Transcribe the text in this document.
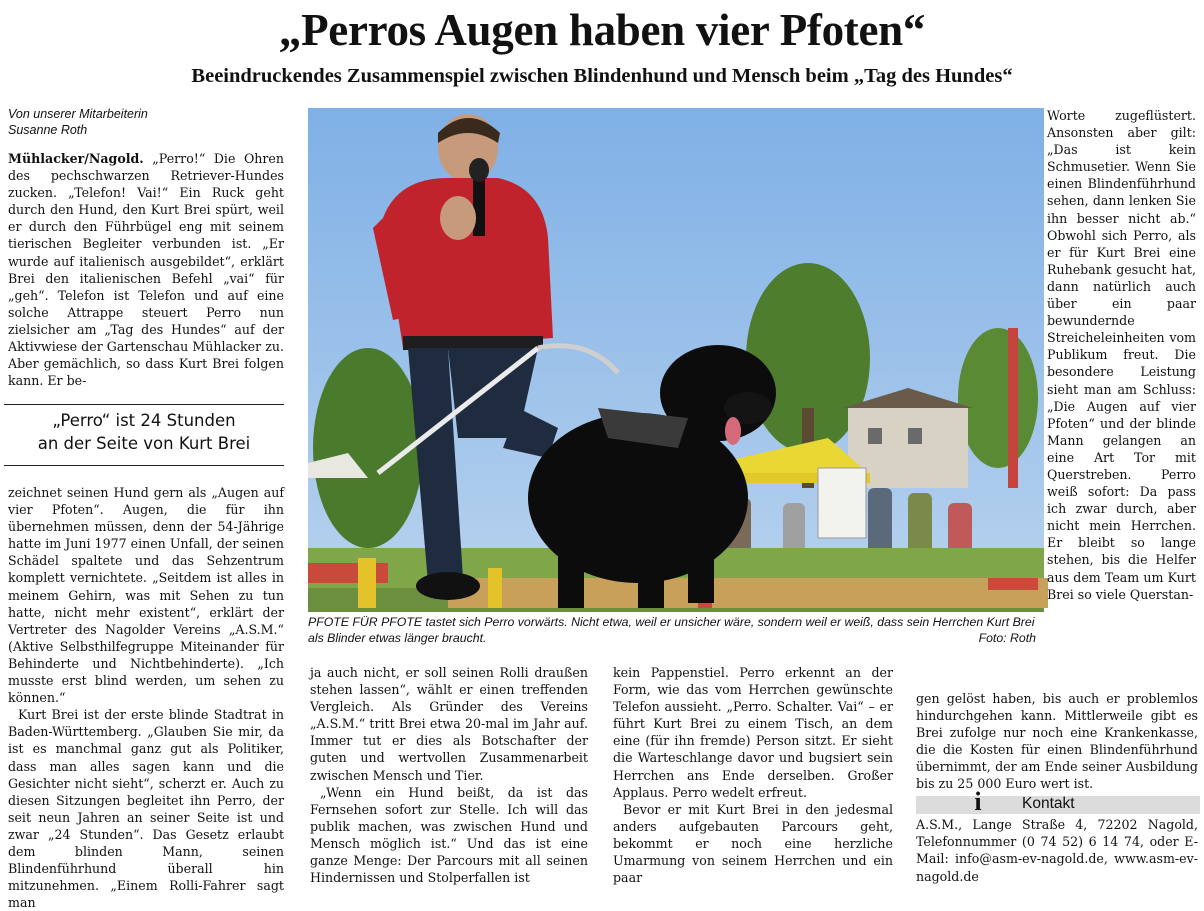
„Perros Augen haben vier Pfoten“
Beeindruckendes Zusammenspiel zwischen Blindenhund und Mensch beim „Tag des Hundes“
Von unserer Mitarbeiterin
Susanne Roth

Mühlacker/Nagold. „Perro!“ Die Ohren des pechschwarzen Retriever-Hundes zucken. „Telefon! Vai!“ Ein Ruck geht durch den Hund, den Kurt Brei spürt, weil er durch den Führbügel eng mit seinem tierischen Begleiter verbunden ist. „Er wurde auf italienisch ausgebildet“, erklärt Brei den italienischen Befehl „vai“ für „geh“. Telefon ist Telefon und auf eine solche Attrappe steuert Perro nun zielsicher am „Tag des Hundes“ auf der Aktivwiese der Gartenschau Mühlacker zu. Aber gemächlich, so dass Kurt Brei folgen kann. Er be-

„Perro“ ist 24 Stunden
an der Seite von Kurt Brei

zeichnet seinen Hund gern als „Augen auf vier Pfoten“. Augen, die für ihn übernehmen müssen, denn der 54-Jährige hatte im Juni 1977 einen Unfall, der seinen Schädel spaltete und das Sehzentrum komplett vernichtete. „Seitdem ist alles in meinem Gehirn, was mit Sehen zu tun hatte, nicht mehr existent“, erklärt der Vertreter des Nagolder Vereins „A.S.M.“ (Aktive Selbsthilfegruppe Miteinander für Behinderte und Nichtbehinderte). „Ich musste erst blind werden, um sehen zu können.“

Kurt Brei ist der erste blinde Stadtrat in Baden-Württemberg. „Glauben Sie mir, da ist es manchmal ganz gut als Politiker, dass man alles sagen kann und die Gesichter nicht sieht“, scherzt er. Auch zu diesen Sitzungen begleitet ihn Perro, der seit neun Jahren an seiner Seite ist und zwar „24 Stunden“. Das Gesetz erlaubt dem blinden Mann, seinen Blindenführhund überall hin mitzunehmen. „Einem Rolli-Fahrer sagt man

PFOTE FÜR PFOTE tastet sich Perro vorwärts. Nicht etwa, weil er unsicher wäre, sondern weil er weiß, dass sein Herrchen Kurt Brei als Blinder etwas länger braucht.	Foto: Roth

ja auch nicht, er soll seinen Rolli draußen stehen lassen“, wählt er einen treffenden Vergleich. Als Gründer des Vereins „A.S.M.“ tritt Brei etwa 20-mal im Jahr auf. Immer tut er dies als Botschafter der guten und wertvollen Zusammenarbeit zwischen Mensch und Tier.

„Wenn ein Hund beißt, da ist das Fernsehen sofort zur Stelle. Ich will das publik machen, was zwischen Hund und Mensch möglich ist.“ Und das ist eine ganze Menge: Der Parcours mit all seinen Hindernissen und Stolperfallen ist

kein Pappenstiel. Perro erkennt an der Form, wie das vom Herrchen gewünschte Telefon aussieht. „Perro. Schalter. Vai“ – er führt Kurt Brei zu einem Tisch, an dem eine (für ihn fremde) Person sitzt. Er sieht die Warteschlange davor und bugsiert sein Herrchen ans Ende derselben. Großer Applaus. Perro wedelt erfreut.

Bevor er mit Kurt Brei in den jedesmal anders aufgebauten Parcours geht, bekommt er noch eine herzliche Umarmung von seinem Herrchen und ein paar

Worte zugeflüstert. Ansonsten aber gilt: „Das ist kein Schmusetier. Wenn Sie einen Blindenführhund sehen, dann lenken Sie ihn besser nicht ab.“ Obwohl sich Perro, als er für Kurt Brei eine Ruhebank gesucht hat, dann natürlich auch über ein paar bewundernde Streicheleinheiten vom Publikum freut. Die besondere Leistung sieht man am Schluss: „Die Augen auf vier Pfoten“ und der blinde Mann gelangen an eine Art Tor mit Querstreben. Perro weiß sofort: Da pass ich zwar durch, aber nicht mein Herrchen. Er bleibt so lange stehen, bis die Helfer aus dem Team um Kurt Brei so viele Querstan-

gen gelöst haben, bis auch er problemlos hindurchgehen kann. Mittlerweile gibt es Brei zufolge nur noch eine Krankenkasse, die die Kosten für einen Blindenführhund übernimmt, der am Ende seiner Ausbildung bis zu 25 000 Euro wert ist.

i	Kontakt
A.S.M., Lange Straße 4, 72202 Nagold, Telefonnummer (0 74 52) 6 14 74, oder E-Mail: info@asm-ev-nagold.de, www.asm-ev-nagold.de
